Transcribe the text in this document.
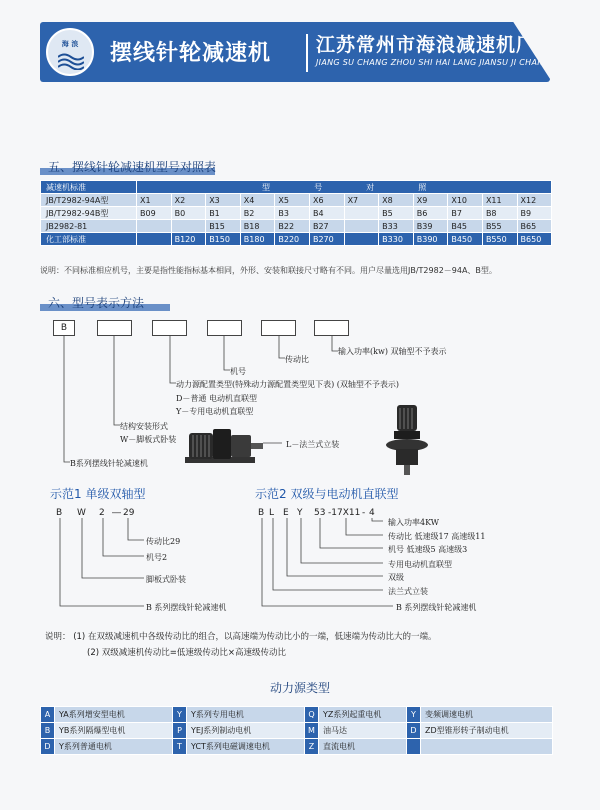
海 浪	摆线针轮减速机 江苏常州市海浪减速机厂
JIANG SU CHANG ZHOU SHI HAI LANG JIANSU JI CHANG
五、摆线针轮减速机型号对照表
减速机标准	型 号 对 照											

JB/T2982-94A型	X1	X2	X3	X4	X5	X6	X7	X8	X9	X10	X11	X12
JB/T2982-94B型	B09	B0	B1	B2	B3	B4		B5	B6	B7	B8	B9
JB2982-81			B15	B18	B22	B27		B33	B39	B45	B55	B65
化工部标准		B120	B150	B180	B220	B270		B330	B390	B450	B550	B650
说明：不同标准相应机号，主要是指性能指标基本相同，外形、安装和联接尺寸略有不同。用户尽量选用JB/T2982－94A、B型。
六、型号表示方法
B
输入功率(kw) 双轴型不予表示
传动比
机号
动力源配置类型(特殊动力源配置类型见下表) (双轴型不予表示)
D－普通 电动机直联型
Y－专用电动机直联型
结构安装形式
W－脚板式卧装
L－法兰式立装
B系列摆线针轮减速机
示范1 单级双轴型
B W 2 ― 29
传动比29
机号2
脚板式卧装
B 系列摆线针轮减速机
示范2 双级与电动机直联型
B L E Y 53 -17X11 - 4
输入功率4KW
传动比 低速级17 高速级11
机号 低速级5 高速级3
专用电动机直联型
双级
法兰式立装
B 系列摆线针轮减速机
说明： (1) 在双级减速机中各级传动比的组合，以高速端为传动比小的一端，低速端为传动比大的一端。
(2) 双级减速机传动比=低速级传动比×高速级传动比
动力源类型
A	YA系列增安型电机	Y	Y系列专用电机	Q	YZ系列起重电机	Y	变频调速电机
B	YB系列隔爆型电机	P	YEJ系列制动电机	M	油马达	D	ZD型锥形转子制动电机
D	Y系列普通电机	T	YCT系列电磁调速电机	Z	直流电机		
